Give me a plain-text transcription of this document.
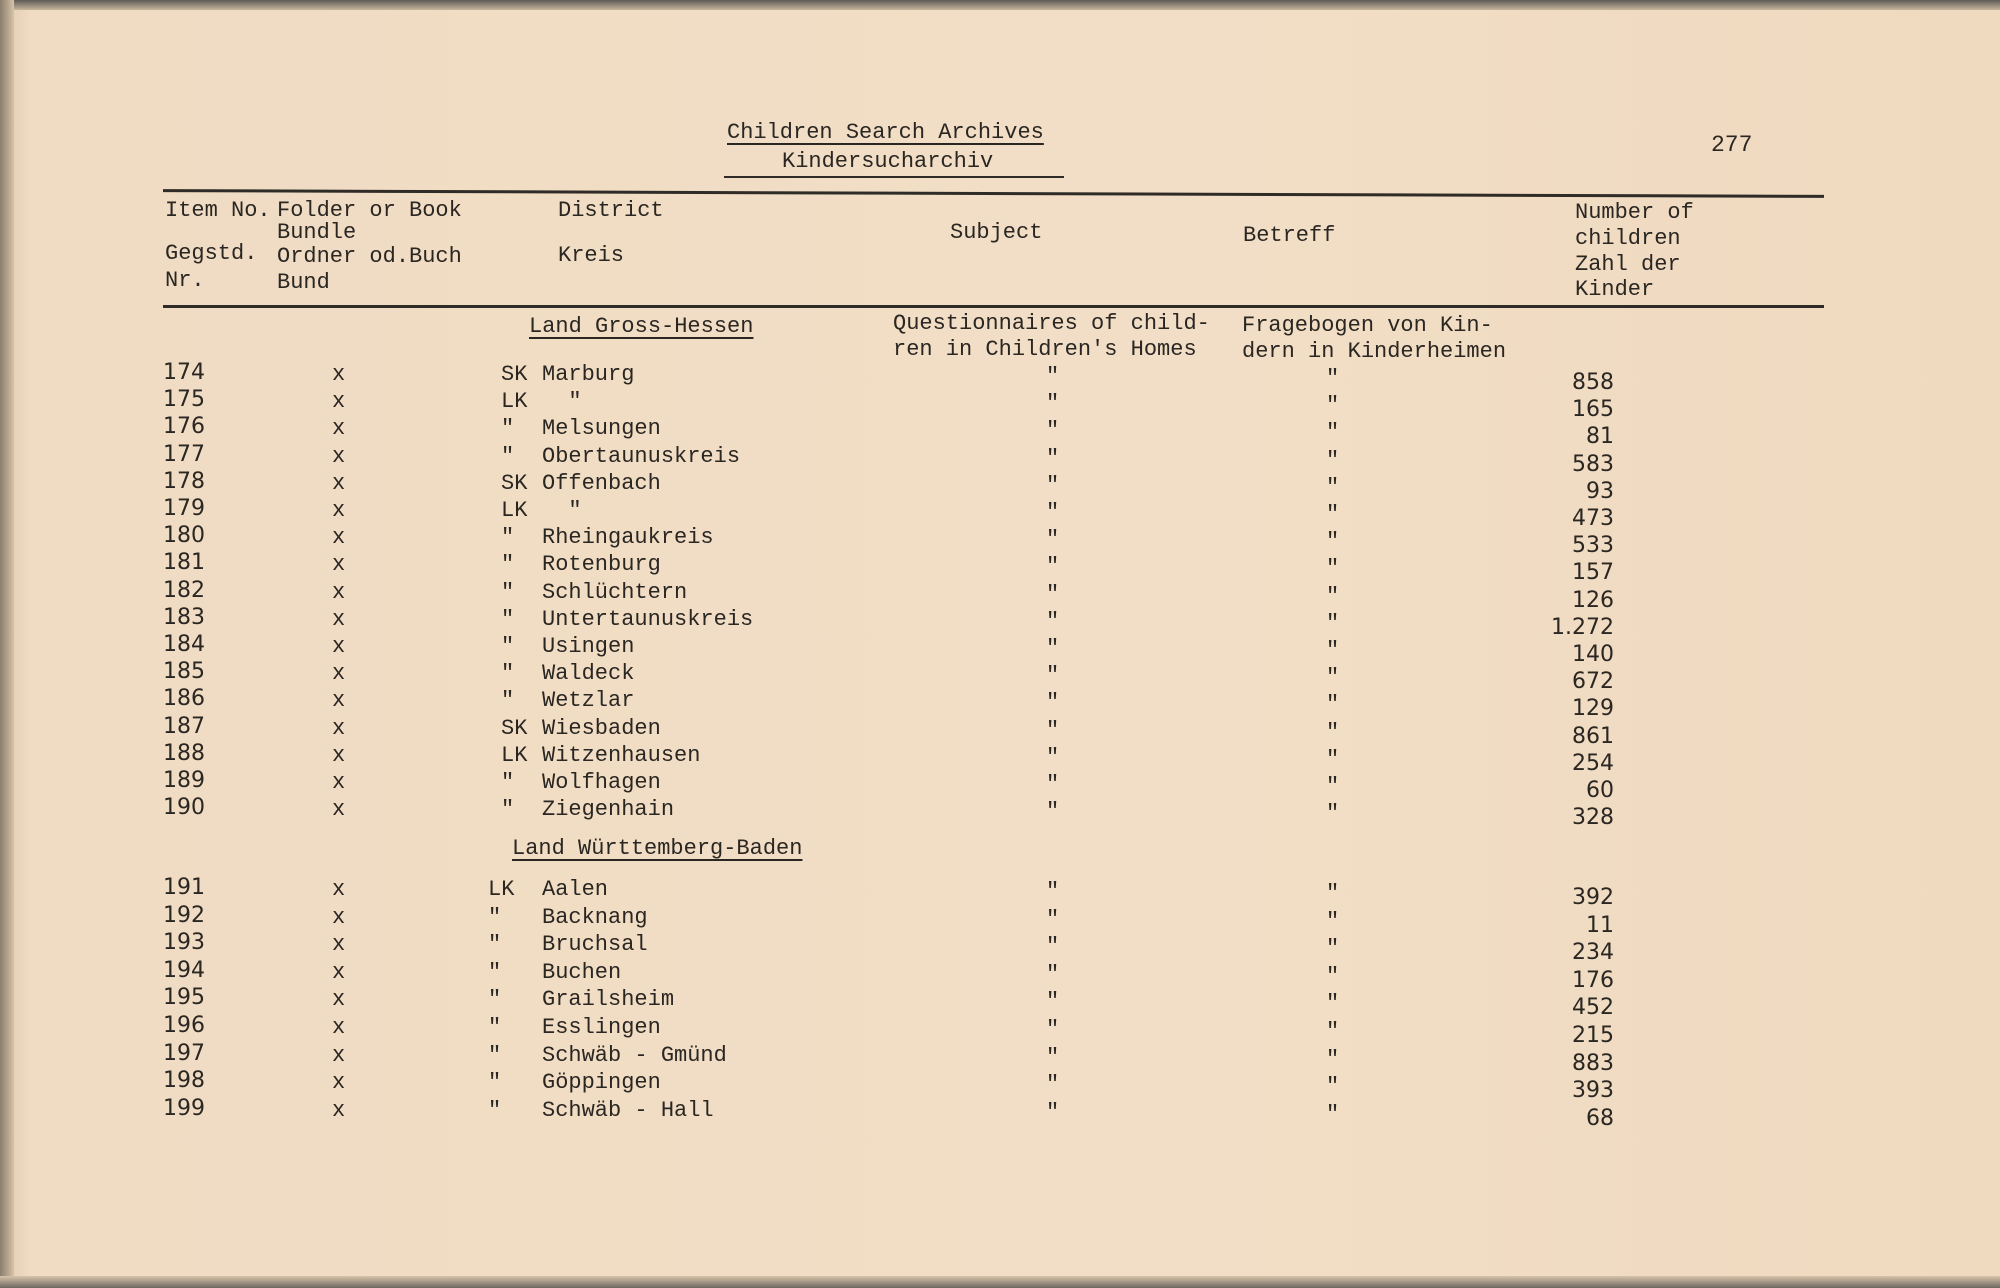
Children Search Archives
Kindersucharchiv
277
Item No.
Gegstd.
Nr.
Folder or Book
Bundle
Ordner od.Buch
Bund
District
Kreis
Subject	Betreff
Number of
children
Zahl der
Kinder
Questionnaires of child-
ren in Children's Homes
Fragebogen von Kin-
dern in Kinderheimen
Land Gross-Hessen
174	x	SK Marburg	"	"	858
175	x	LK "	"	"	165
176	x	" Melsungen	"	"	81
177	x	" Obertaunuskreis	"	"	583
178	x	SK Offenbach	"	"	93
179	x	LK "	"	"	473
180	x	" Rheingaukreis	"	"	533
181	x	" Rotenburg	"	"	157
182	x	" Schlüchtern	"	"	126
183	x	" Untertaunuskreis	"	"	1.272
184	x	" Usingen	"	"	140
185	x	" Waldeck	"	"	672
186	x	" Wetzlar	"	"	129
187	x	SK Wiesbaden	"	"	861
188	x	LK Witzenhausen	"	"	254
189	x	" Wolfhagen	"	"	60
190	x	" Ziegenhain	"	"	328
Land Württemberg-Baden
191	x	LK Aalen	"	"	392
192	x	" Backnang	"	"	11
193	x	" Bruchsal	"	"	234
194	x	" Buchen	"	"	176
195	x	" Grailsheim	"	"	452
196	x	" Esslingen	"	"	215
197	x	" Schwäb - Gmünd	"	"	883
198	x	" Göppingen	"	"	393
199	x	" Schwäb - Hall	"	"	68
